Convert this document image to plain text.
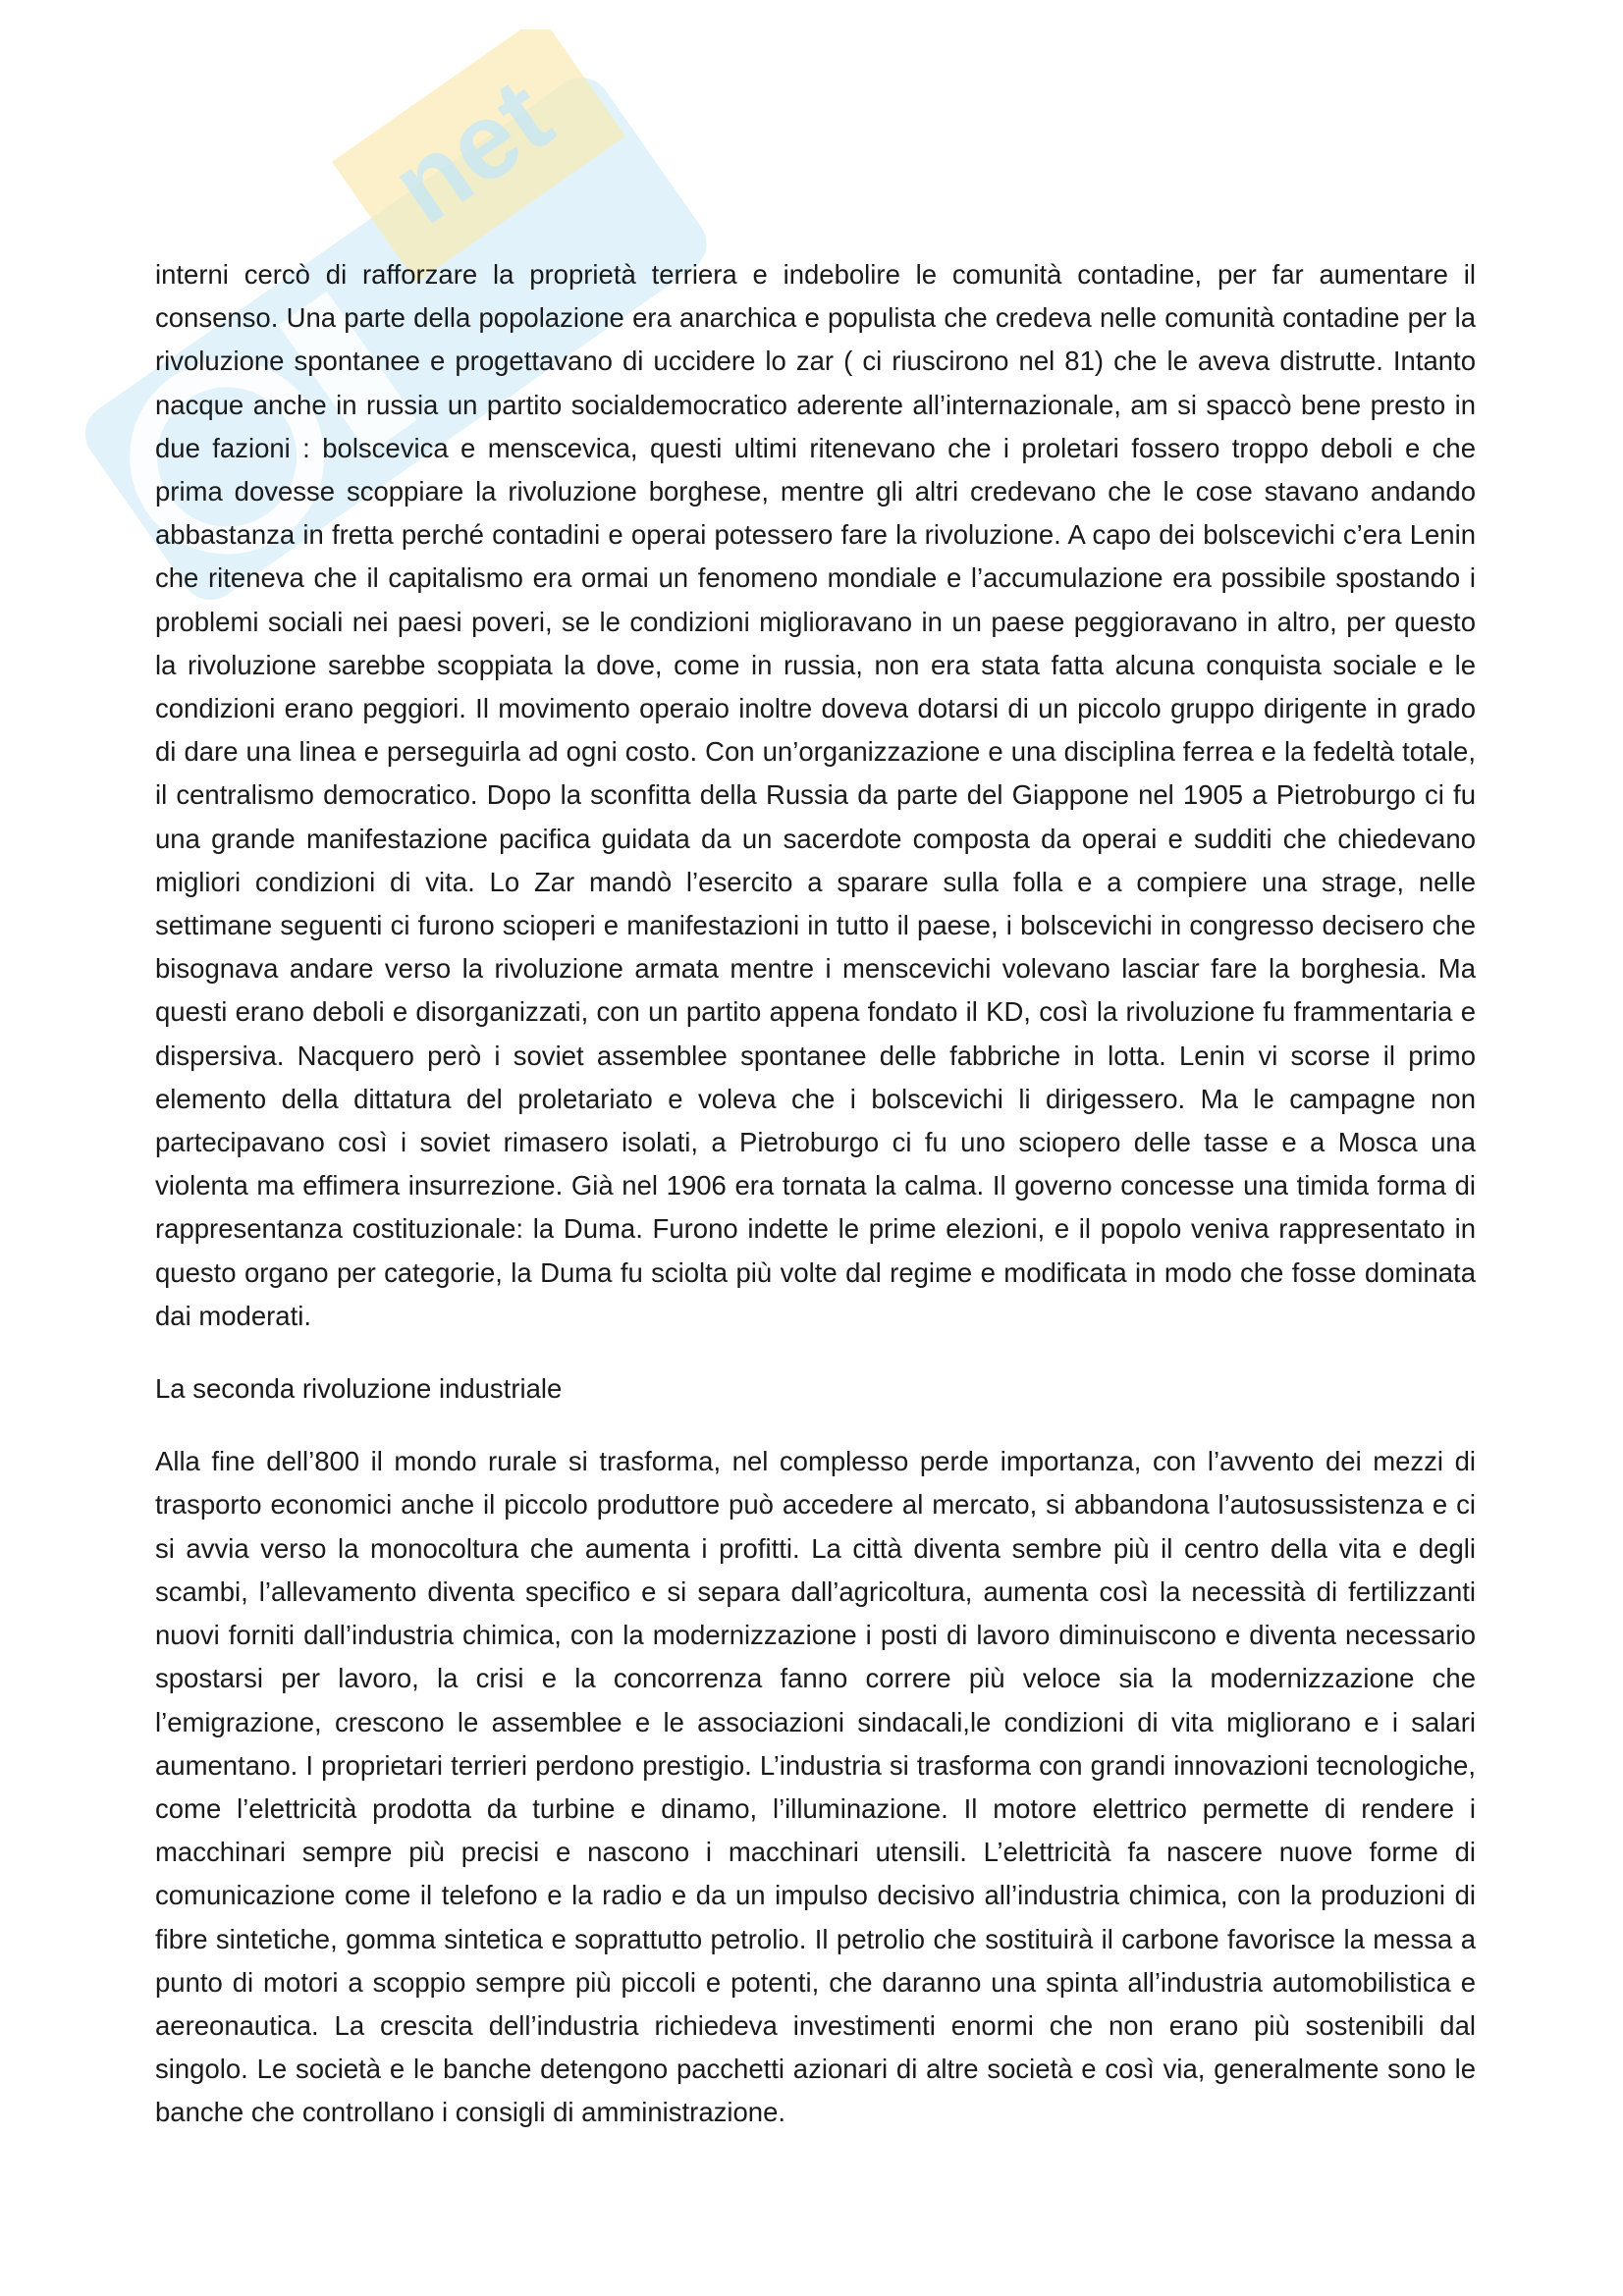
net

interni cercò di rafforzare la proprietà terriera e indebolire le comunità contadine, per far aumentare il consenso. Una parte della popolazione era anarchica e populista che credeva nelle comunità contadine per la rivoluzione spontanee e progettavano di uccidere lo zar ( ci riuscirono nel 81) che le aveva distrutte. Intanto nacque anche in russia un partito socialdemocratico aderente all’internazionale, am si spaccò bene presto in due fazioni : bolscevica e menscevica, questi ultimi ritenevano che i proletari fossero troppo deboli e che prima dovesse scoppiare la rivoluzione borghese, mentre gli altri credevano che le cose stavano andando abbastanza in fretta perché contadini e operai potessero fare la rivoluzione. A capo dei bolscevichi c’era Lenin che riteneva che il capitalismo era ormai un fenomeno mondiale e l’accumulazione era possibile spostando i problemi sociali nei paesi poveri, se le condizioni miglioravano in un paese peggioravano in altro, per questo la rivoluzione sarebbe scoppiata la dove, come in russia, non era stata fatta alcuna conquista sociale e le condizioni erano peggiori. Il movimento operaio inoltre doveva dotarsi di un piccolo gruppo dirigente in grado di dare una linea e perseguirla ad ogni costo. Con un’organizzazione e una disciplina ferrea e la fedeltà totale, il centralismo democratico. Dopo la sconfitta della Russia da parte del Giappone nel 1905 a Pietroburgo ci fu una grande manifestazione pacifica guidata da un sacerdote composta da operai e sudditi che chiedevano migliori condizioni di vita. Lo Zar mandò l’esercito a sparare sulla folla e a compiere una strage, nelle settimane seguenti ci furono scioperi e manifestazioni in tutto il paese, i bolscevichi in congresso decisero che bisognava andare verso la rivoluzione armata mentre i menscevichi volevano lasciar fare la borghesia. Ma questi erano deboli e disorganizzati, con un partito appena fondato il KD, così la rivoluzione fu frammentaria e dispersiva. Nacquero però i soviet assemblee spontanee delle fabbriche in lotta. Lenin vi scorse il primo elemento della dittatura del proletariato e voleva che i bolscevichi li dirigessero. Ma le campagne non partecipavano così i soviet rimasero isolati, a Pietroburgo ci fu uno sciopero delle tasse e a Mosca una violenta ma effimera insurrezione. Già nel 1906 era tornata la calma. Il governo concesse una timida forma di rappresentanza costituzionale: la Duma. Furono indette le prime elezioni, e il popolo veniva rappresentato in questo organo per categorie, la Duma fu sciolta più volte dal regime e modificata in modo che fosse dominata dai moderati.

La seconda rivoluzione industriale

Alla fine dell’800 il mondo rurale si trasforma, nel complesso perde importanza, con l’avvento dei mezzi di trasporto economici anche il piccolo produttore può accedere al mercato, si abbandona l’autosussistenza e ci si avvia verso la monocoltura che aumenta i profitti. La città diventa sembre più il centro della vita e degli scambi, l’allevamento diventa specifico e si separa dall’agricoltura, aumenta così la necessità di fertilizzanti nuovi forniti dall’industria chimica, con la modernizzazione i posti di lavoro diminuiscono e diventa necessario spostarsi per lavoro, la crisi e la concorrenza fanno correre più veloce sia la modernizzazione che l’emigrazione, crescono le assemblee e le associazioni sindacali,le condizioni di vita migliorano e i salari aumentano. I proprietari terrieri perdono prestigio. L’industria si trasforma con grandi innovazioni tecnologiche, come l’elettricità prodotta da turbine e dinamo, l’illuminazione. Il motore elettrico permette di rendere i macchinari sempre più precisi e nascono i macchinari utensili. L’elettricità fa nascere nuove forme di comunicazione come il telefono e la radio e da un impulso decisivo all’industria chimica, con la produzioni di fibre sintetiche, gomma sintetica e soprattutto petrolio. Il petrolio che sostituirà il carbone favorisce la messa a punto di motori a scoppio sempre più piccoli e potenti, che daranno una spinta all’industria automobilistica e aereonautica. La crescita dell’industria richiedeva investimenti enormi che non erano più sostenibili dal singolo. Le società e le banche detengono pacchetti azionari di altre società e così via, generalmente sono le banche che controllano i consigli di amministrazione.
